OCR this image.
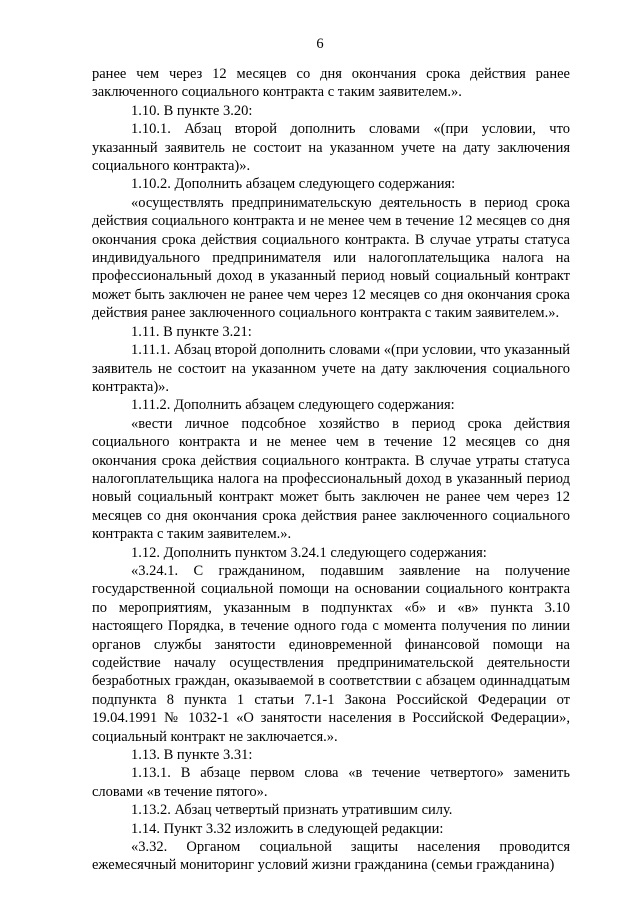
6

ранее чем через 12 месяцев со дня окончания срока действия ранее заключенного социального контракта с таким заявителем.».

1.10. В пункте 3.20:

1.10.1. Абзац второй дополнить словами «(при условии, что указанный заявитель не состоит на указанном учете на дату заключения социального контракта)».

1.10.2. Дополнить абзацем следующего содержания:

«осуществлять предпринимательскую деятельность в период срока действия социального контракта и не менее чем в течение 12 месяцев со дня окончания срока действия социального контракта. В случае утраты статуса индивидуального предпринимателя или налогоплательщика налога на профессиональный доход в указанный период новый социальный контракт может быть заключен не ранее чем через 12 месяцев со дня окончания срока действия ранее заключенного социального контракта с таким заявителем.».

1.11. В пункте 3.21:

1.11.1. Абзац второй дополнить словами «(при условии, что указанный заявитель не состоит на указанном учете на дату заключения социального контракта)».

1.11.2. Дополнить абзацем следующего содержания:

«вести личное подсобное хозяйство в период срока действия социального контракта и не менее чем в течение 12 месяцев со дня окончания срока действия социального контракта. В случае утраты статуса налогоплательщика налога на профессиональный доход в указанный период новый социальный контракт может быть заключен не ранее чем через 12 месяцев со дня окончания срока действия ранее заключенного социального контракта с таким заявителем.».

1.12. Дополнить пунктом 3.24.1 следующего содержания:

«3.24.1. С гражданином, подавшим заявление на получение государственной социальной помощи на основании социального контракта по мероприятиям, указанным в подпунктах «б» и «в» пункта 3.10 настоящего Порядка, в течение одного года с момента получения по линии органов службы занятости единовременной финансовой помощи на содействие началу осуществления предпринимательской деятельности безработных граждан, оказываемой в соответствии с абзацем одиннадцатым подпункта 8 пункта 1 статьи 7.1-1 Закона Российской Федерации от 19.04.1991 № 1032-1 «О занятости населения в Российской Федерации», социальный контракт не заключается.».

1.13. В пункте 3.31:

1.13.1. В абзаце первом слова «в течение четвертого» заменить словами «в течение пятого».

1.13.2. Абзац четвертый признать утратившим силу.

1.14. Пункт 3.32 изложить в следующей редакции:

«3.32. Органом социальной защиты населения проводится ежемесячный мониторинг условий жизни гражданина (семьи гражданина)
